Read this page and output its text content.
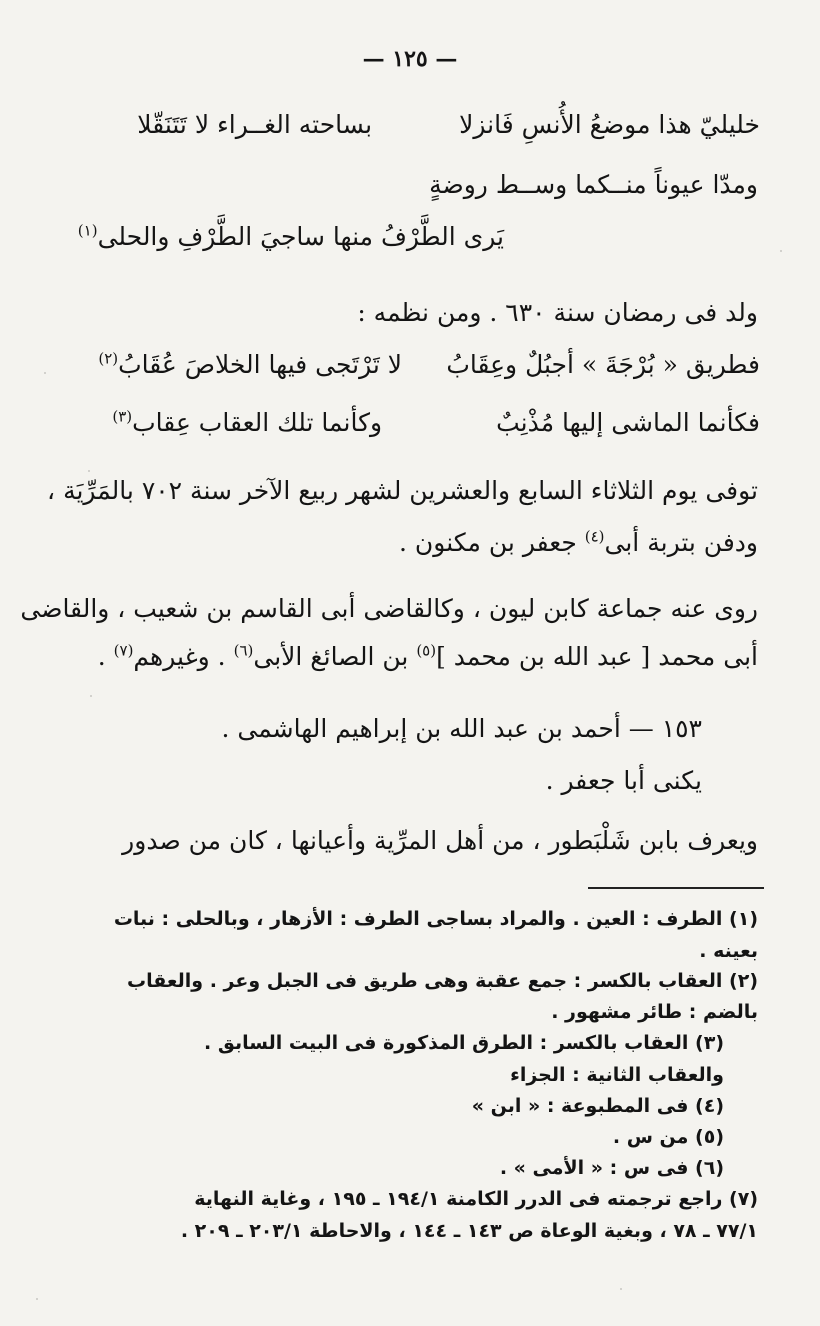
— ١٢٥ —
خليليّ هذا موضعُ الأُنسِ فَانزلا بساحته الغــراء لا تَتَنَقّلا
ومدّا عيوناً منــكما وســط روضةٍ
يَرى الطَّرْفُ منها ساجيَ الطَّرْفِ والحلى$^{(١)}$
ولد فى رمضان سنة ٦٣٠ . ومن نظمه :
فطريق « بُرْجَةَ » أجبُلٌ وعِقَابُ لا تَرْتَجى فيها الخلاصَ عُقَابُ$^{(٢)}$
فكأنما الماشى إليها مُذْنِبٌ وكأنما تلك العقاب عِقاب$^{(٣)}$
توفى يوم الثلاثاء السابع والعشرين لشهر ربيع الآخر سنة ٧٠٢ بالمَرِّيَة ،
ودفن بتربة أبى$^{(٤)}$ جعفر بن مكنون .
روى عنه جماعة كابن ليون ، وكالقاضى أبى القاسم بن شعيب ، والقاضى
أبى محمد [ عبد الله بن محمد ]$^{(٥)}$ بن الصائغ الأبى$^{(٦)}$ . وغيرهم$^{(٧)}$ .
١٥٣ — أحمد بن عبد الله بن إبراهيم الهاشمى .
يكنى أبا جعفر .
ويعرف بابن شَلْبَطور ، من أهل المرِّية وأعيانها ، كان من صدور
(١) الطرف : العين . والمراد بساجى الطرف : الأزهار ، وبالحلى : نبات
بعينه .
(٢) العقاب بالكسر : جمع عقبة وهى طريق فى الجبل وعر . والعقاب
بالضم : طائر مشهور .
(٣) العقاب بالكسر : الطرق المذكورة فى البيت السابق .
والعقاب الثانية : الجزاء
(٤) فى المطبوعة : « ابن »
(٥) من س .
(٦) فى س : « الأمى » .
(٧) راجع ترجمته فى الدرر الكامنة ١٩٤/١ ـ ١٩٥ ، وغاية النهاية
٧٧/١ ـ ٧٨ ، وبغية الوعاة ص ١٤٣ ـ ١٤٤ ، والاحاطة ٢٠٣/١ ـ ٢٠٩ .
